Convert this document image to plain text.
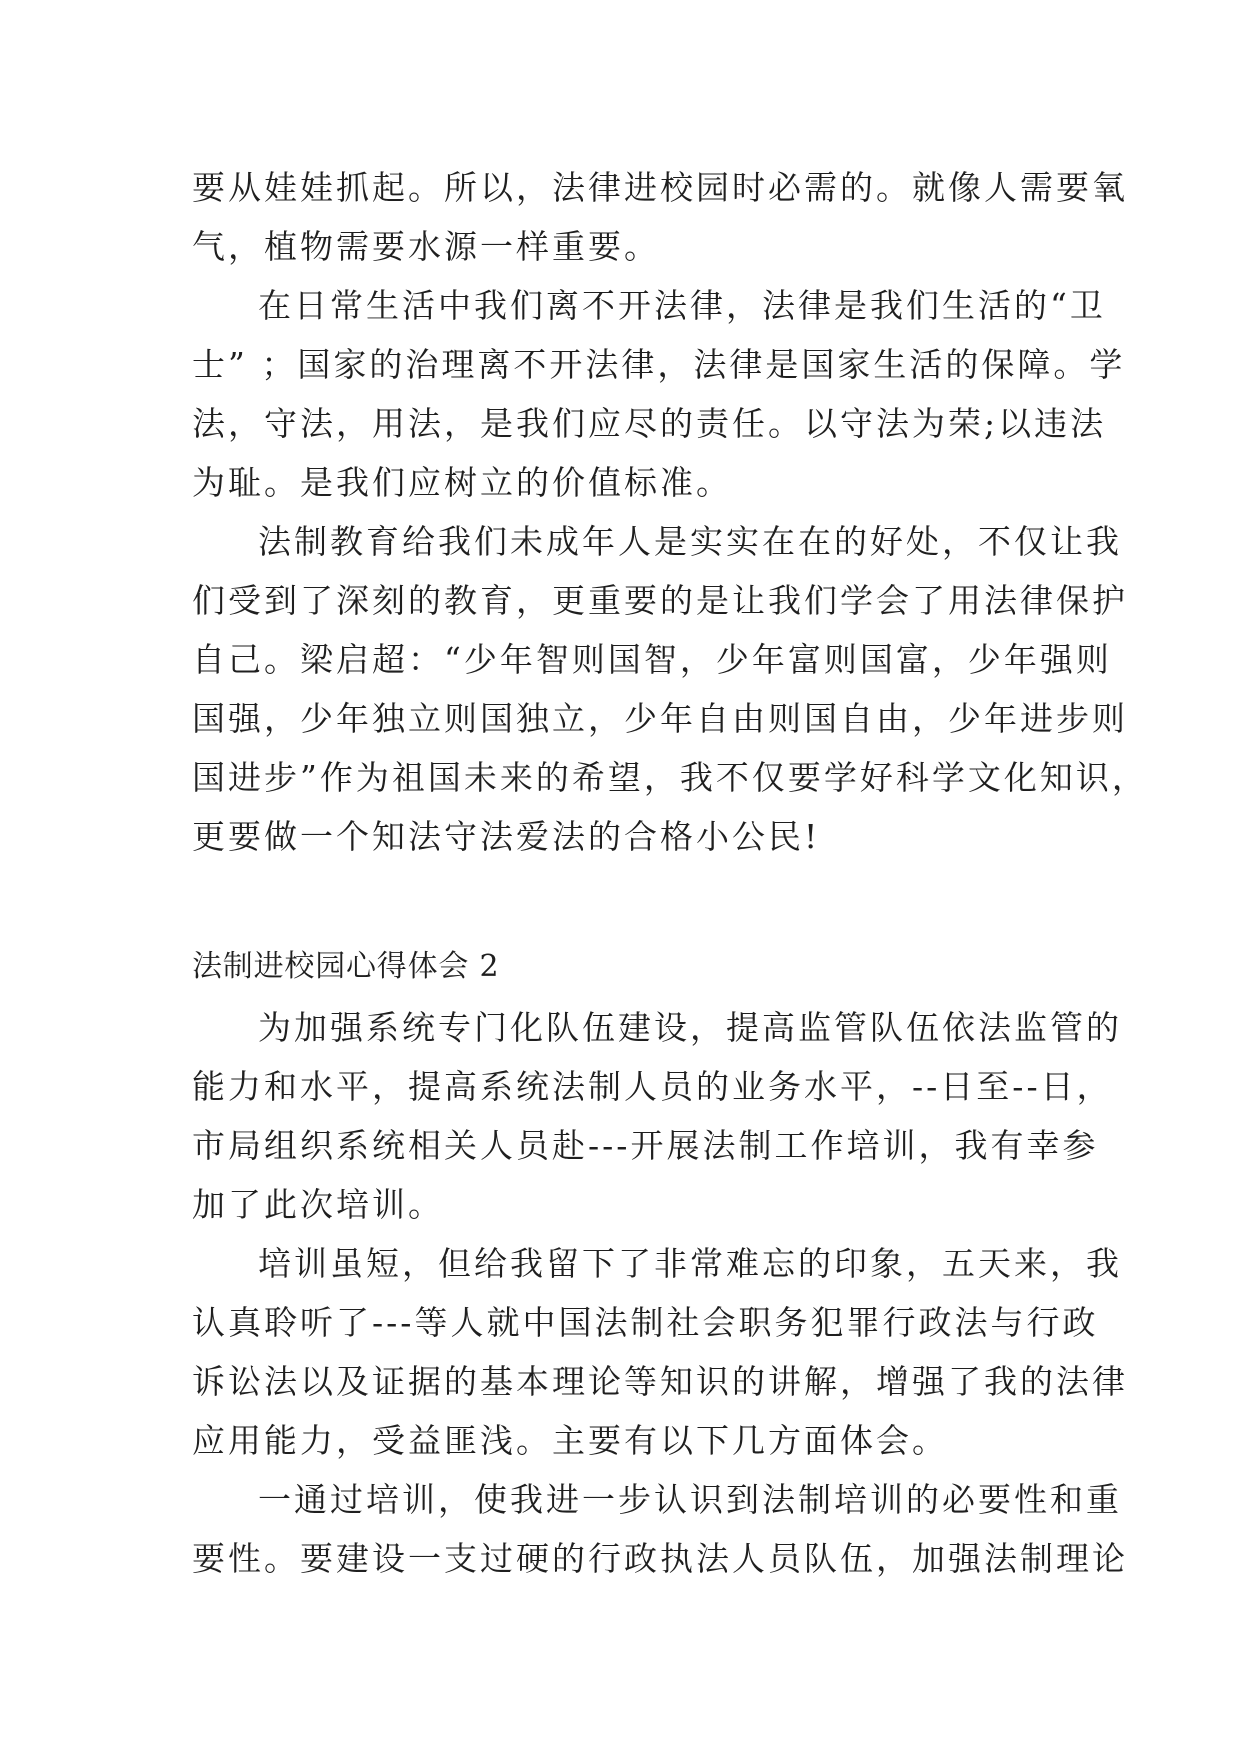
要从娃娃抓起。所以，法律进校园时必需的。就像人需要氧
气，植物需要水源一样重要。
在日常生活中我们离不开法律，法律是我们生活的“卫
士” ；国家的治理离不开法律，法律是国家生活的保障。学
法，守法，用法，是我们应尽的责任。以守法为荣;以违法
为耻。是我们应树立的价值标准。
法制教育给我们未成年人是实实在在的好处，不仅让我
们受到了深刻的教育，更重要的是让我们学会了用法律保护
自己。梁启超：“少年智则国智，少年富则国富，少年强则
国强，少年独立则国独立，少年自由则国自由，少年进步则
国进步”作为祖国未来的希望，我不仅要学好科学文化知识，
更要做一个知法守法爱法的合格小公民!
法制进校园心得体会 2
为加强系统专门化队伍建设，提高监管队伍依法监管的
能力和水平，提高系统法制人员的业务水平，--日至--日，
市局组织系统相关人员赴---开展法制工作培训，我有幸参
加了此次培训。
培训虽短，但给我留下了非常难忘的印象，五天来，我
认真聆听了---等人就中国法制社会职务犯罪行政法与行政
诉讼法以及证据的基本理论等知识的讲解，增强了我的法律
应用能力，受益匪浅。主要有以下几方面体会。
一通过培训，使我进一步认识到法制培训的必要性和重
要性。要建设一支过硬的行政执法人员队伍，加强法制理论
